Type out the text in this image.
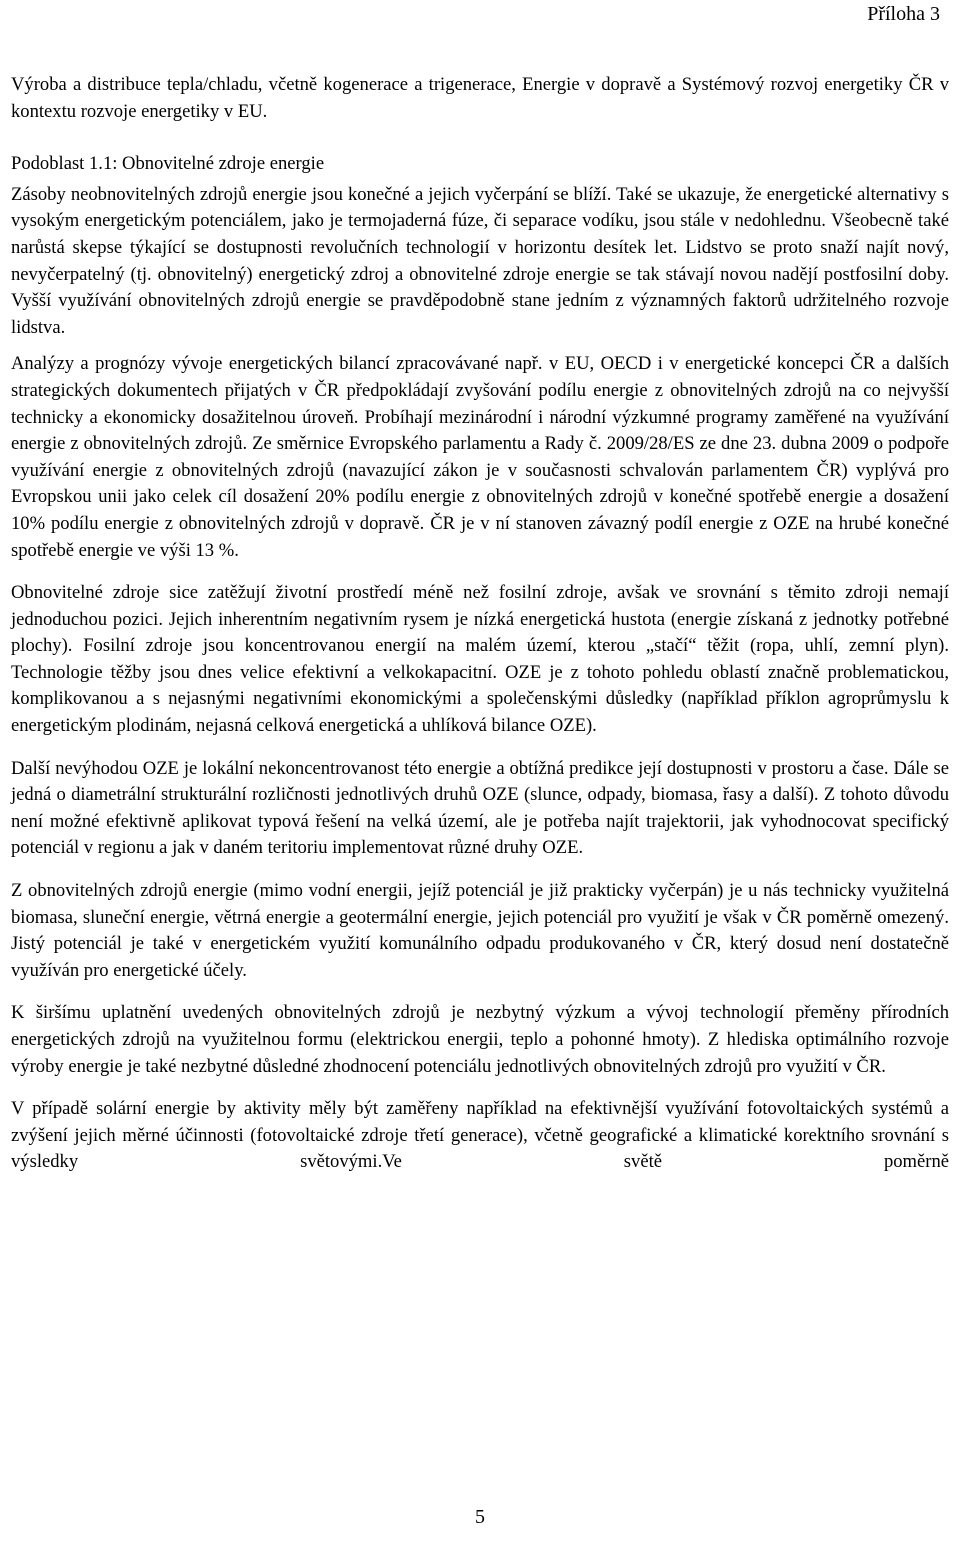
Příloha 3

Výroba a distribuce tepla/chladu, včetně kogenerace a trigenerace, Energie v dopravě a Systémový rozvoj energetiky ČR v kontextu rozvoje energetiky v EU.

Podoblast 1.1: Obnovitelné zdroje energie

Zásoby neobnovitelných zdrojů energie jsou konečné a jejich vyčerpání se blíží. Také se ukazuje, že energetické alternativy s vysokým energetickým potenciálem, jako je termojaderná fúze, či separace vodíku, jsou stále v nedohlednu. Všeobecně také narůstá skepse týkající se dostupnosti revolučních technologií v horizontu desítek let. Lidstvo se proto snaží najít nový, nevyčerpatelný (tj. obnovitelný) energetický zdroj a obnovitelné zdroje energie se tak stávají novou nadějí postfosilní doby. Vyšší využívání obnovitelných zdrojů energie se pravděpodobně stane jedním z významných faktorů udržitelného rozvoje lidstva.

Analýzy a prognózy vývoje energetických bilancí zpracovávané např. v EU, OECD i v energetické koncepci ČR a dalších strategických dokumentech přijatých v ČR předpokládají zvyšování podílu energie z obnovitelných zdrojů na co nejvyšší technicky a ekonomicky dosažitelnou úroveň. Probíhají mezinárodní i národní výzkumné programy zaměřené na využívání energie z obnovitelných zdrojů. Ze směrnice Evropského parlamentu a Rady č. 2009/28/ES ze dne 23. dubna 2009 o podpoře využívání energie z obnovitelných zdrojů (navazující zákon je v současnosti schvalován parlamentem ČR) vyplývá pro Evropskou unii jako celek cíl dosažení 20% podílu energie z obnovitelných zdrojů v konečné spotřebě energie a dosažení 10% podílu energie z obnovitelných zdrojů v dopravě. ČR je v ní stanoven závazný podíl energie z OZE na hrubé konečné spotřebě energie ve výši 13 %.

Obnovitelné zdroje sice zatěžují životní prostředí méně než fosilní zdroje, avšak ve srovnání s těmito zdroji nemají jednoduchou pozici. Jejich inherentním negativním rysem je nízká energetická hustota (energie získaná z jednotky potřebné plochy). Fosilní zdroje jsou koncentrovanou energií na malém území, kterou „stačí“ těžit (ropa, uhlí, zemní plyn). Technologie těžby jsou dnes velice efektivní a velkokapacitní. OZE je z tohoto pohledu oblastí značně problematickou, komplikovanou a s nejasnými negativními ekonomickými a společenskými důsledky (například příklon agroprůmyslu k energetickým plodinám, nejasná celková energetická a uhlíková bilance OZE).

Další nevýhodou OZE je lokální nekoncentrovanost této energie a obtížná predikce její dostupnosti v prostoru a čase. Dále se jedná o diametrální strukturální rozličnosti jednotlivých druhů OZE (slunce, odpady, biomasa, řasy a další). Z tohoto důvodu není možné efektivně aplikovat typová řešení na velká území, ale je potřeba najít trajektorii, jak vyhodnocovat specifický potenciál v regionu a jak v daném teritoriu implementovat různé druhy OZE.

Z obnovitelných zdrojů energie (mimo vodní energii, jejíž potenciál je již prakticky vyčerpán) je u nás technicky využitelná biomasa, sluneční energie, větrná energie a geotermální energie, jejich potenciál pro využití je však v ČR poměrně omezený. Jistý potenciál je také v energetickém využití komunálního odpadu produkovaného v ČR, který dosud není dostatečně využíván pro energetické účely.

K širšímu uplatnění uvedených obnovitelných zdrojů je nezbytný výzkum a vývoj technologií přeměny přírodních energetických zdrojů na využitelnou formu (elektrickou energii, teplo a pohonné hmoty). Z hlediska optimálního rozvoje výroby energie je také nezbytné důsledné zhodnocení potenciálu jednotlivých obnovitelných zdrojů pro využití v ČR.

V případě solární energie by aktivity měly být zaměřeny například na efektivnější využívání fotovoltaických systémů a zvýšení jejich měrné účinnosti (fotovoltaické zdroje třetí generace), včetně geografické a klimatické korektního srovnání s výsledky světovými.Ve světě poměrně

5
